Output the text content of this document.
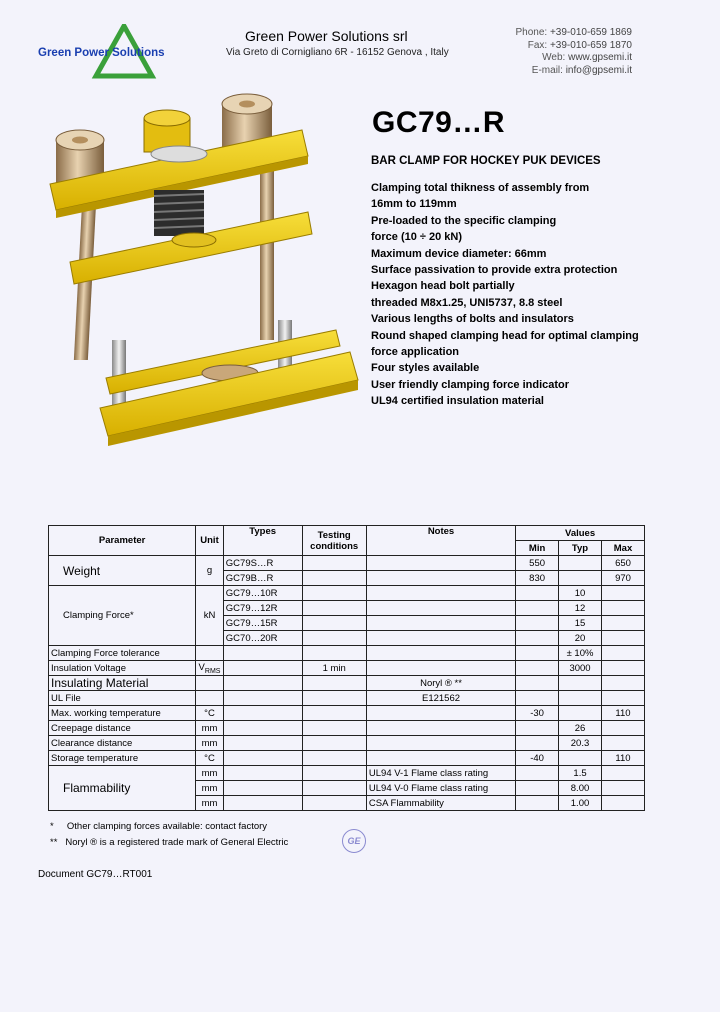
Green Power Solutions
Green Power Solutions srl
Via Greto di Cornigliano 6R - 16152 Genova , Italy
Phone: +39-010-659 1869
Fax: +39-010-659 1870
Web: www.gpsemi.it
E-mail: info@gpsemi.it
GC79…R
BAR CLAMP FOR HOCKEY PUK DEVICES
Clamping total thikness of assembly from
16mm to 119mm
Pre-loaded to the specific clamping
force (10 ÷ 20 kN)
Maximum device diameter: 66mm
Surface passivation to provide extra protection
Hexagon head bolt partially
threaded M8x1.25, UNI5737, 8.8 steel
Various lengths of bolts and insulators
Round shaped clamping head for optimal clamping
force application
Four styles available
User friendly clamping force indicator
UL94 certified insulation material
Parameter	Unit	Types	Testing conditions	Notes	Values		
					Min	Typ	Max
Weight	g	GC79S…R			550		650
		GC79B…R			830		970
Clamping Force*	kN	GC79…10R				10	
		GC79…12R				12	
		GC79…15R				15	
		GC70…20R				20	
Clamping Force tolerance						± 10%	
Insulation Voltage	$V_{RMS}$		1 min			3000	
Insulating Material				Noryl ® **			
UL File				E121562			
Max. working temperature	°C				-30		110
Creepage distance	mm					26	
Clearance distance	mm					20.3	
Storage temperature	°C				-40		110
Flammability	mm			UL94 V-1 Flame class rating		1.5	
	mm			UL94 V-0 Flame class rating		8.00	
	mm			CSA Flammability		1.00	
* Other clamping forces available: contact factory
** Noryl ® is a registered trade mark of General Electric	GE
Document GC79…RT001
